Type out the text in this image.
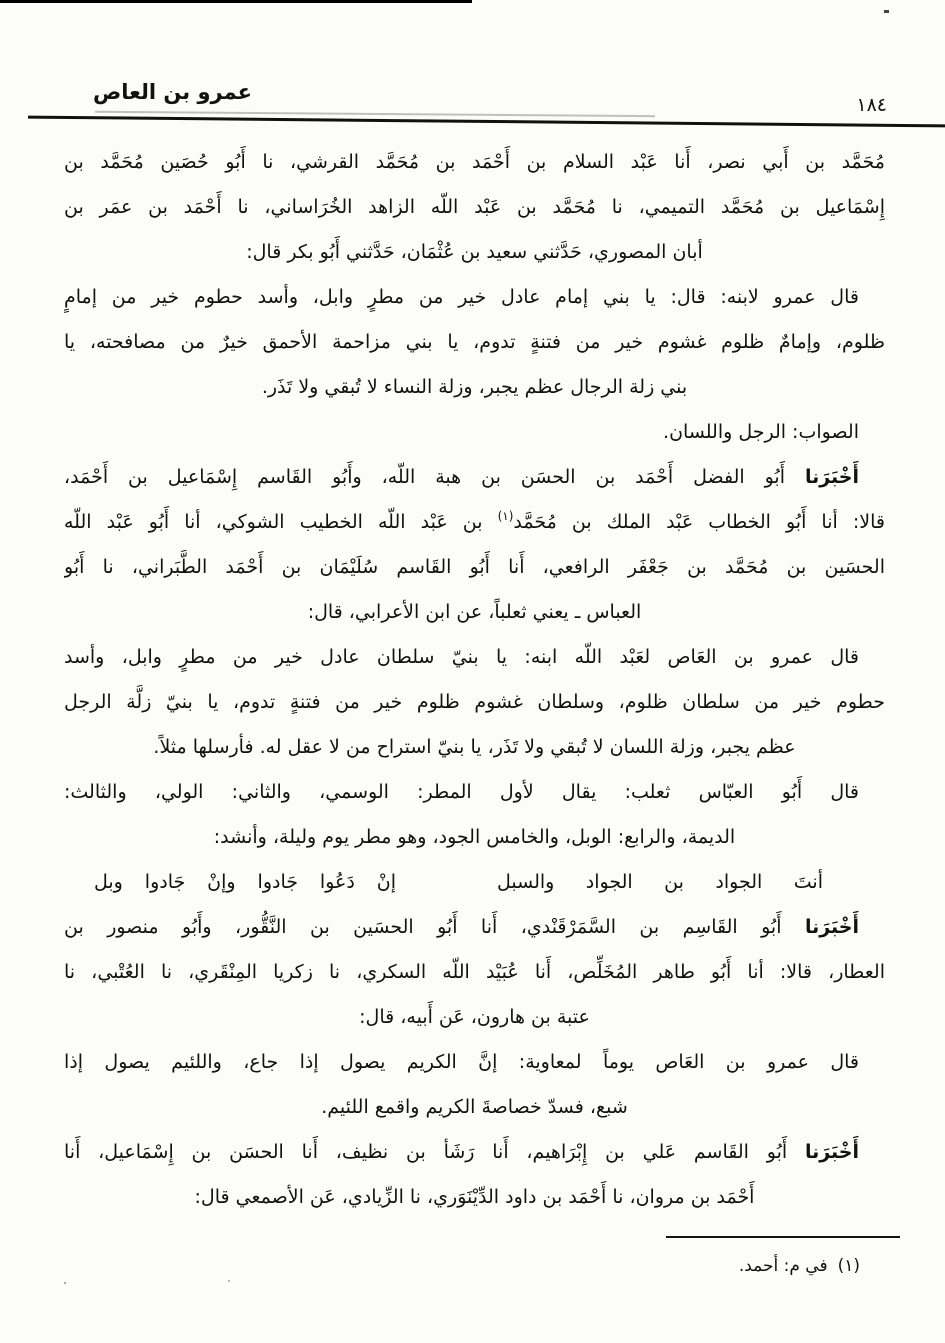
عمرو بن العاص
١٨٤
مُحَمَّد بن أَبي نصر، أَنا عَبْد السلام بن أَحْمَد بن مُحَمَّد القرشي، نا أَبُو حُصَين مُحَمَّد بن
إِسْمَاعيل بن مُحَمَّد التميمي، نا مُحَمَّد بن عَبْد اللّه الزاهد الخُرَاساني، نا أَحْمَد بن عمَر بن
أبان المصوري، حَدَّثني سعيد بن عُثْمَان، حَدَّثني أَبُو بكر قال:
قال عمرو لابنه: قال: يا بني إمام عادل خير من مطرٍ وابل، وأسد حطوم خير من إمامٍ
ظلوم، وإمامٌ ظلوم غشوم خير من فتنةٍ تدوم، يا بني مزاحمة الأحمق خيرٌ من مصافحته، يا
بني زلة الرجال عظم يجبر، وزلة النساء لا تُبقي ولا تَذَر.
الصواب: الرجل واللسان.
أَخْبَرَنا أَبُو الفضل أَحْمَد بن الحسَن بن هبة اللّه، وأَبُو القَاسم إِسْمَاعيل بن أَحْمَد،
قالا: أنا أَبُو الخطاب عَبْد الملك بن مُحَمَّد$^{(١)}$ بن عَبْد اللّه الخطيب الشوكي، أنا أَبُو عَبْد اللّه
الحسَين بن مُحَمَّد بن جَعْفَر الرافعي، أَنا أَبُو القَاسم سُلَيْمَان بن أَحْمَد الطَّبَراني، نا أَبُو
العباس ـ يعني ثعلباً، عن ابن الأعرابي، قال:
قال عمرو بن العَاص لعَبْد اللّه ابنه: يا بنيّ سلطان عادل خير من مطرٍ وابل، وأسد
حطوم خير من سلطان ظلوم، وسلطان غشوم ظلوم خير من فتنةٍ تدوم، يا بنيّ زلَّة الرجل
عظم يجبر، وزلة اللسان لا تُبقي ولا تَذَر، يا بنيّ استراح من لا عقل له. فأرسلها مثلاً.
قال أَبُو العبّاس ثعلب: يقال لأول المطر: الوسمي، والثاني: الولي، والثالث:
الديمة، والرابع: الوبل، والخامس الجود، وهو مطر يوم وليلة، وأنشد:
أنتَ الجواد بن الجواد والسبل
إنْ دَعُوا جَادوا وإنْ جَادوا وبل
أَخْبَرَنا أَبُو القَاسِم بن السَّمَرْقَنْدي، أَنا أَبُو الحسَين بن النَّقُّور، وأَبُو منصور بن
العطار، قالا: أنا أَبُو طاهر المُخَلِّص، أَنا عُبَيْد اللّه السكري، نا زكريا المِنْقَري، نا العُتْبي، نا
عتبة بن هارون، عَن أَبيه، قال:
قال عمرو بن العَاص يوماً لمعاوية: إنَّ الكريم يصول إذا جاع، واللئيم يصول إذا
شبع، فسدّ خصاصةَ الكريم واقمع اللئيم.
أَخْبَرَنا أَبُو القَاسم عَلي بن إِبْرَاهيم، أَنا رَشَأ بن نظيف، أَنا الحسَن بن إِسْمَاعيل، أَنا
أَحْمَد بن مروان، نا أَحْمَد بن داود الدِّيْنَوَري، نا الزِّيادي، عَن الأصمعي قال:
(١)في م: أحمد.
